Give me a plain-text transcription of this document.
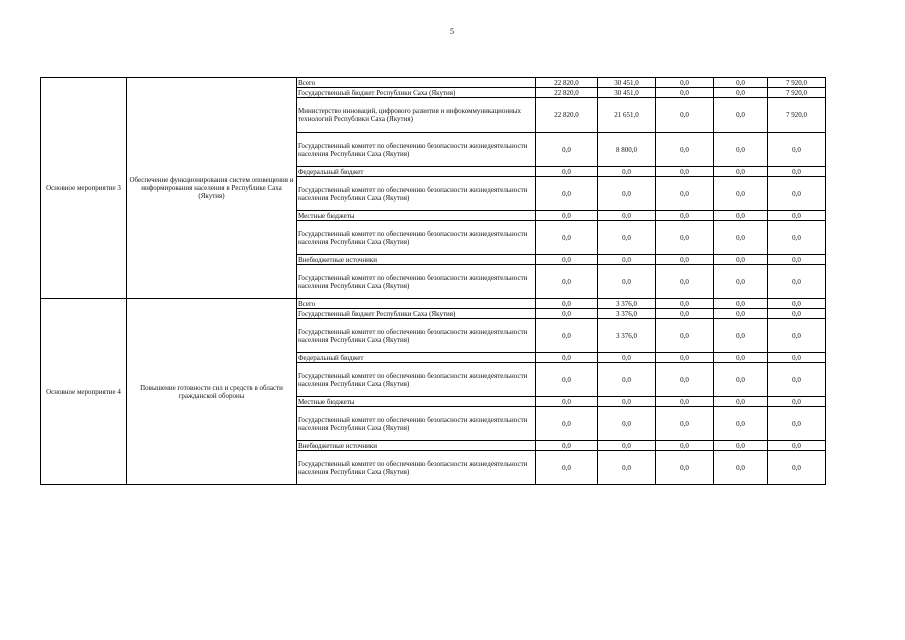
5
Основное мероприятие 3	Обеспечение функционирования систем оповещения и информирования населения в Республике Саха (Якутия)	Всего	22 820,0	30 451,0	0,0	0,0	7 920,0
		Государственный бюджет Республики Саха (Якутия)	22 820,0	30 451,0	0,0	0,0	7 920,0
		Министерство инноваций, цифрового развития и инфокоммуникационных технологий Республики Саха (Якутия)	22 820,0	21 651,0	0,0	0,0	7 920,0
		Государственный комитет по обеспечению безопасности жизнедеятельности населения Республики Саха (Якутия)	0,0	8 800,0	0,0	0,0	0,0
		Федеральный бюджет	0,0	0,0	0,0	0,0	0,0
		Государственный комитет по обеспечению безопасности жизнедеятельности населения Республики Саха (Якутия)	0,0	0,0	0,0	0,0	0,0
		Местные бюджеты	0,0	0,0	0,0	0,0	0,0
		Государственный комитет по обеспечению безопасности жизнедеятельности населения Республики Саха (Якутия)	0,0	0,0	0,0	0,0	0,0
		Внебюджетные источники	0,0	0,0	0,0	0,0	0,0
		Государственный комитет по обеспечению безопасности жизнедеятельности населения Республики Саха (Якутия)	0,0	0,0	0,0	0,0	0,0
Основное мероприятие 4	Повышение готовности сил и средств в области гражданской обороны	Всего	0,0	3 376,0	0,0	0,0	0,0
		Государственный бюджет Республики Саха (Якутия)	0,0	3 376,0	0,0	0,0	0,0
		Государственный комитет по обеспечению безопасности жизнедеятельности населения Республики Саха (Якутия)	0,0	3 376,0	0,0	0,0	0,0
		Федеральный бюджет	0,0	0,0	0,0	0,0	0,0
		Государственный комитет по обеспечению безопасности жизнедеятельности населения Республики Саха (Якутия)	0,0	0,0	0,0	0,0	0,0
		Местные бюджеты	0,0	0,0	0,0	0,0	0,0
		Государственный комитет по обеспечению безопасности жизнедеятельности населения Республики Саха (Якутия)	0,0	0,0	0,0	0,0	0,0
		Внебюджетные источники	0,0	0,0	0,0	0,0	0,0
		Государственный комитет по обеспечению безопасности жизнедеятельности населения Республики Саха (Якутия)	0,0	0,0	0,0	0,0	0,0
